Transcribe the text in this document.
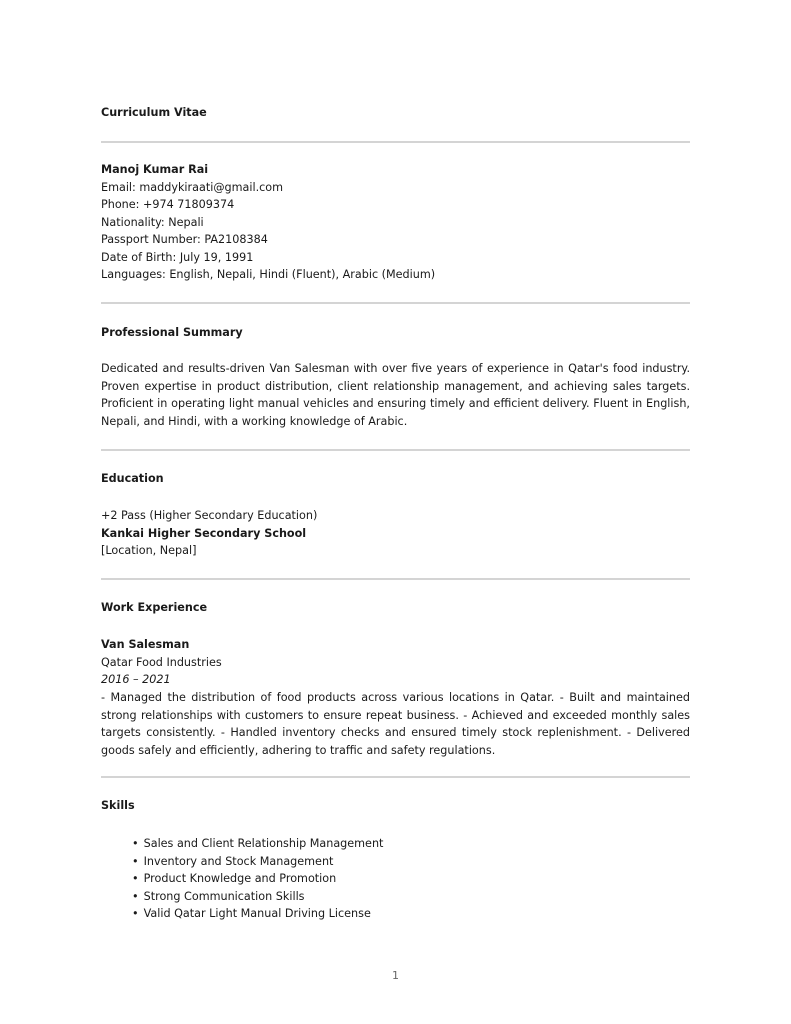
Curriculum Vitae
Manoj Kumar Rai
Email: maddykiraati@gmail.com
Phone: +974 71809374
Nationality: Nepali
Passport Number: PA2108384
Date of Birth: July 19, 1991
Languages: English, Nepali, Hindi (Fluent), Arabic (Medium)
Professional Summary
Dedicated and results-driven Van Salesman with over five years of experience in Qatar's food industry. Proven expertise in product distribution, client relationship management, and achieving sales targets. Proficient in operating light manual vehicles and ensuring timely and efficient delivery. Fluent in English, Nepali, and Hindi, with a working knowledge of Arabic.
Education
+2 Pass (Higher Secondary Education)
Kankai Higher Secondary School
[Location, Nepal]
Work Experience
Van Salesman
Qatar Food Industries
2016 – 2021
- Managed the distribution of food products across various locations in Qatar. - Built and maintained strong relationships with customers to ensure repeat business. - Achieved and exceeded monthly sales targets consistently. - Handled inventory checks and ensured timely stock replenishment. - Delivered goods safely and efficiently, adhering to traffic and safety regulations.
Skills
• Sales and Client Relationship Management
• Inventory and Stock Management
• Product Knowledge and Promotion
• Strong Communication Skills
• Valid Qatar Light Manual Driving License
1
